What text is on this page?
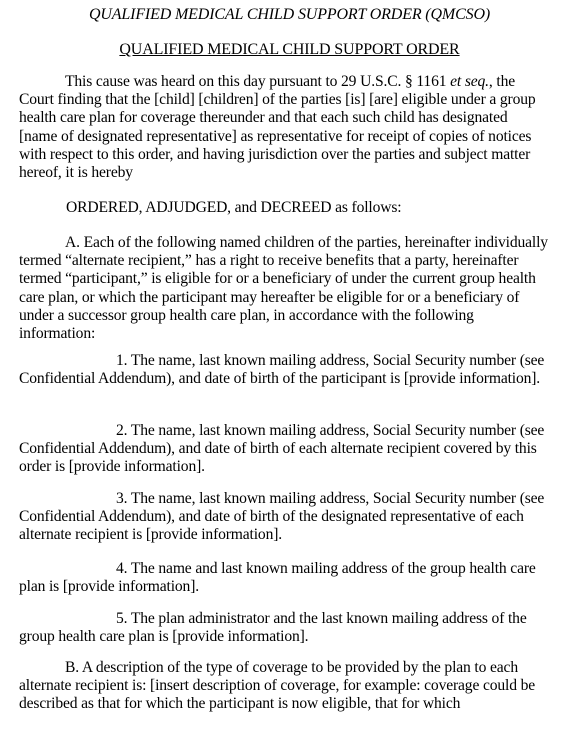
QUALIFIED MEDICAL CHILD SUPPORT ORDER (QMCSO)
QUALIFIED MEDICAL CHILD SUPPORT ORDER

This cause was heard on this day pursuant to 29 U.S.C. § 1161 et seq., the Court finding that the [child] [children] of the parties [is] [are] eligible under a group health care plan for coverage thereunder and that each such child has designated [name of designated representative] as representative for receipt of copies of notices with respect to this order, and having jurisdiction over the parties and subject matter hereof, it is hereby

ORDERED, ADJUDGED, and DECREED as follows:

A. Each of the following named children of the parties, hereinafter individually termed “alternate recipient,” has a right to receive benefits that a party, hereinafter termed “participant,” is eligible for or a beneficiary of under the current group health care plan, or which the participant may hereafter be eligible for or a beneficiary of under a successor group health care plan, in accordance with the following information:

1. The name, last known mailing address, Social Security number (see Confidential Addendum), and date of birth of the participant is [provide information].

2. The name, last known mailing address, Social Security number (see Confidential Addendum), and date of birth of each alternate recipient covered by this order is [provide information].

3. The name, last known mailing address, Social Security number (see Confidential Addendum), and date of birth of the designated representative of each alternate recipient is [provide information].

4. The name and last known mailing address of the group health care plan is [provide information].

5. The plan administrator and the last known mailing address of the group health care plan is [provide information].

B. A description of the type of coverage to be provided by the plan to each alternate recipient is: [insert description of coverage, for example: coverage could be described as that for which the participant is now eligible, that for which
